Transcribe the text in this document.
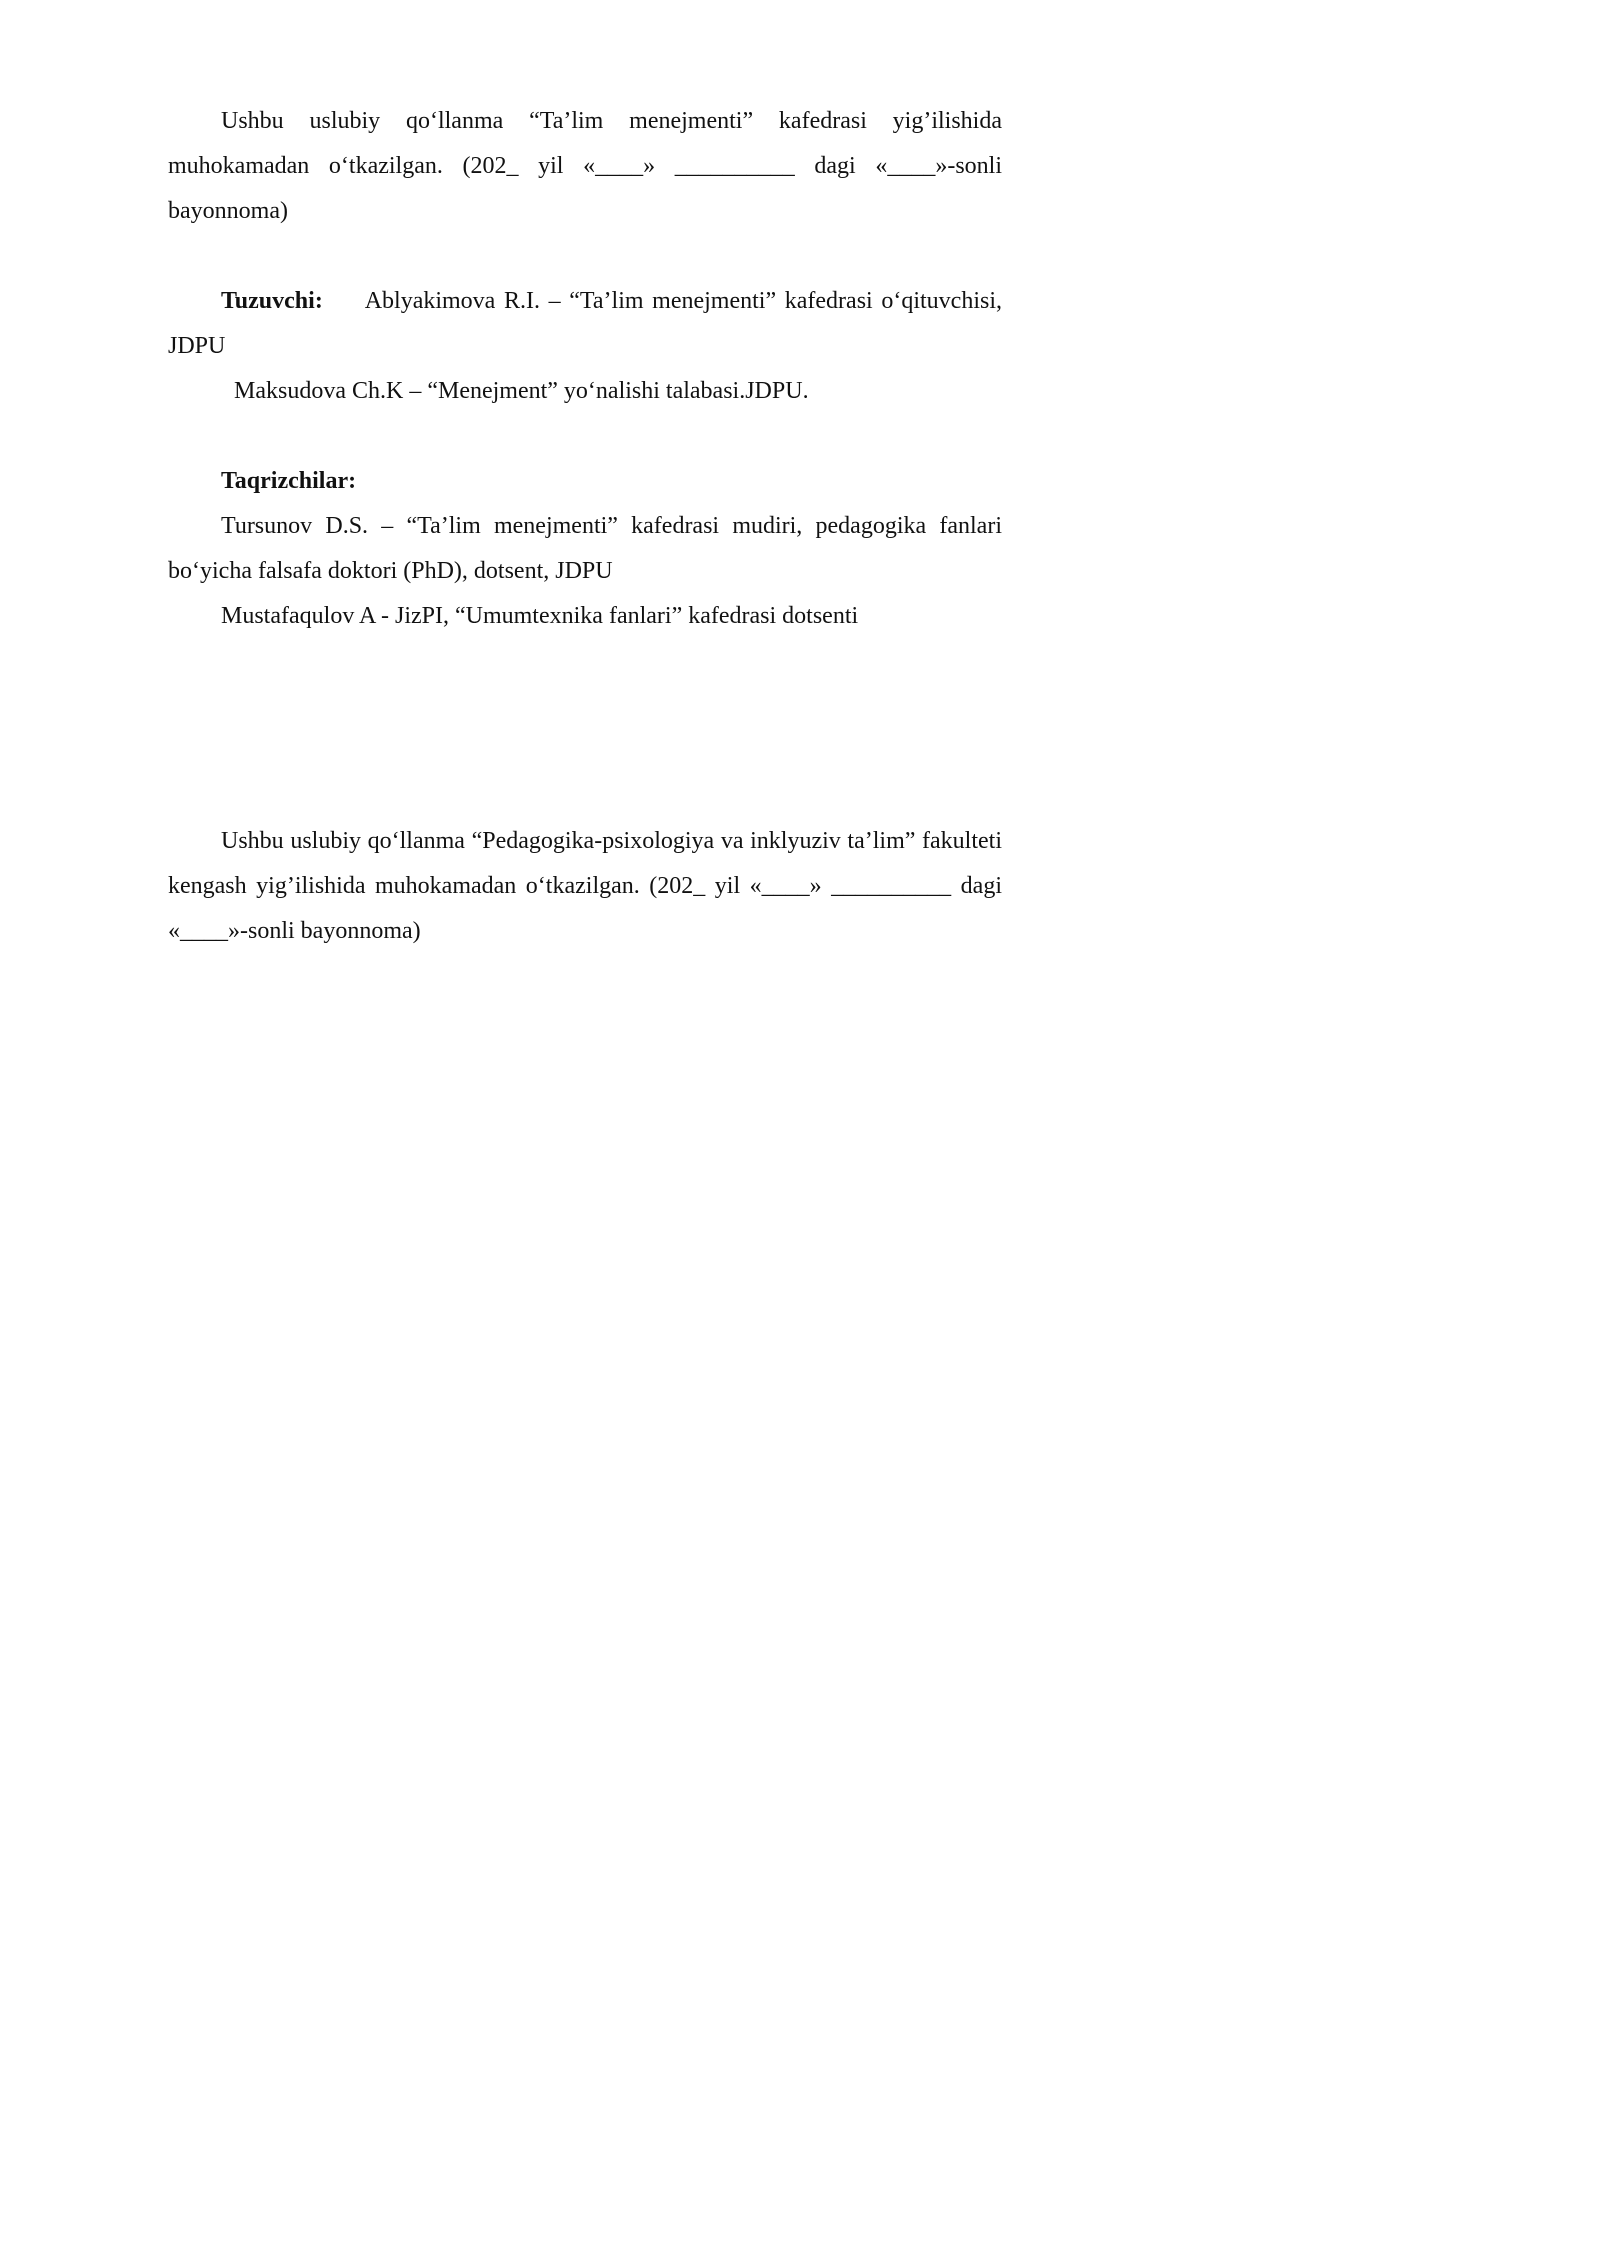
Ushbu uslubiy qo‘llanma “Ta’lim menejmenti” kafedrasi yig’ilishida muhokamadan o‘tkazilgan. (202_ yil «____» __________ dagi «____»-sonli bayonnoma)

Tuzuvchi: Ablyakimova R.I. – “Ta’lim menejmenti” kafedrasi o‘qituvchisi, JDPU

Maksudova Ch.K – “Menejment” yo‘nalishi talabasi.JDPU.
Taqrizchilar:

Tursunov D.S. – “Ta’lim menejmenti” kafedrasi mudiri, pedagogika fanlari bo‘yicha falsafa doktori (PhD), dotsent, JDPU

Mustafaqulov A - JizPI, “Umumtexnika fanlari” kafedrasi dotsenti

Ushbu uslubiy qo‘llanma “Pedagogika-psixologiya va inklyuziv ta’lim” fakulteti kengash yig’ilishida muhokamadan o‘tkazilgan. (202_ yil «____» __________ dagi «____»-sonli bayonnoma)
